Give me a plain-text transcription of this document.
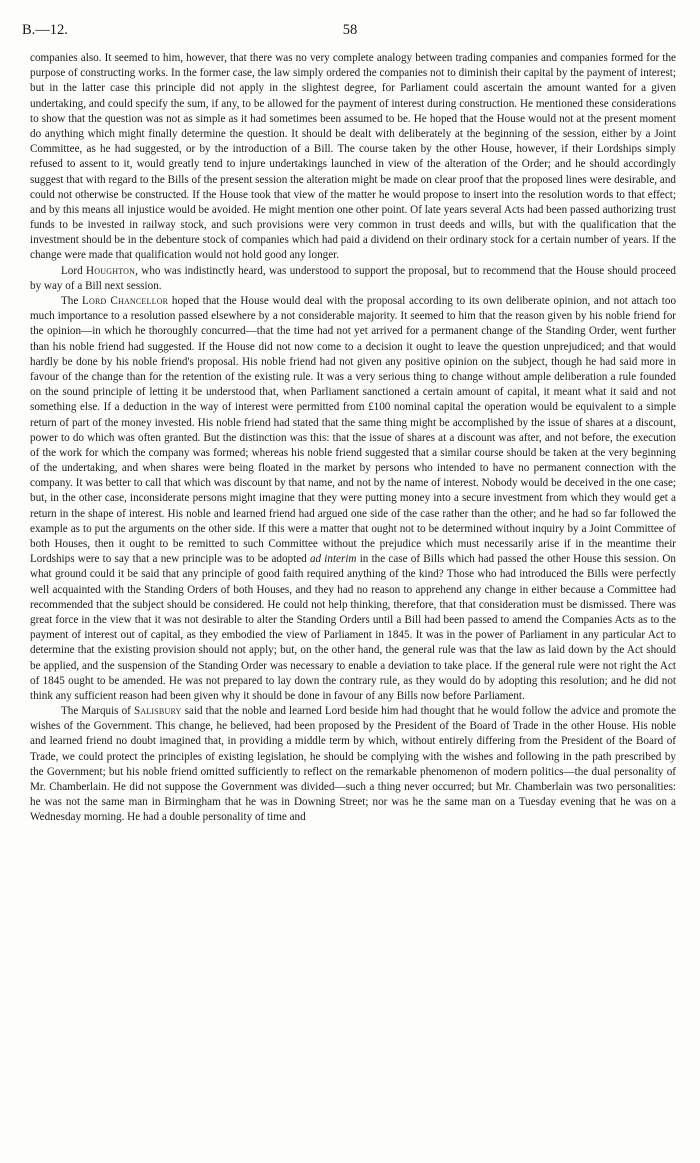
B.—12.	58

companies also. It seemed to him, however, that there was no very complete analogy between trading companies and companies formed for the purpose of constructing works. In the former case, the law simply ordered the companies not to diminish their capital by the payment of interest; but in the latter case this principle did not apply in the slightest degree, for Parliament could ascertain the amount wanted for a given undertaking, and could specify the sum, if any, to be allowed for the payment of interest during construction. He mentioned these considerations to show that the question was not as simple as it had sometimes been assumed to be. He hoped that the House would not at the present moment do anything which might finally determine the question. It should be dealt with deliberately at the beginning of the session, either by a Joint Committee, as he had suggested, or by the introduction of a Bill. The course taken by the other House, however, if their Lordships simply refused to assent to it, would greatly tend to injure undertakings launched in view of the alteration of the Order; and he should accordingly suggest that with regard to the Bills of the present session the alteration might be made on clear proof that the proposed lines were desirable, and could not otherwise be constructed. If the House took that view of the matter he would propose to insert into the resolution words to that effect; and by this means all injustice would be avoided. He might mention one other point. Of late years several Acts had been passed authorizing trust funds to be invested in railway stock, and such provisions were very common in trust deeds and wills, but with the qualification that the investment should be in the debenture stock of companies which had paid a dividend on their ordinary stock for a certain number of years. If the change were made that qualification would not hold good any longer.

Lord Houghton, who was indistinctly heard, was understood to support the proposal, but to recommend that the House should proceed by way of a Bill next session.

The Lord Chancellor hoped that the House would deal with the proposal according to its own deliberate opinion, and not attach too much importance to a resolution passed elsewhere by a not considerable majority. It seemed to him that the reason given by his noble friend for the opinion—in which he thoroughly concurred—that the time had not yet arrived for a permanent change of the Standing Order, went further than his noble friend had suggested. If the House did not now come to a decision it ought to leave the question unprejudiced; and that would hardly be done by his noble friend's proposal. His noble friend had not given any positive opinion on the subject, though he had said more in favour of the change than for the retention of the existing rule. It was a very serious thing to change without ample deliberation a rule founded on the sound principle of letting it be understood that, when Parliament sanctioned a certain amount of capital, it meant what it said and not something else. If a deduction in the way of interest were permitted from £100 nominal capital the operation would be equivalent to a simple return of part of the money invested. His noble friend had stated that the same thing might be accomplished by the issue of shares at a discount, power to do which was often granted. But the distinction was this: that the issue of shares at a discount was after, and not before, the execution of the work for which the company was formed; whereas his noble friend suggested that a similar course should be taken at the very beginning of the undertaking, and when shares were being floated in the market by persons who intended to have no permanent connection with the company. It was better to call that which was discount by that name, and not by the name of interest. Nobody would be deceived in the one case; but, in the other case, inconsiderate persons might imagine that they were putting money into a secure investment from which they would get a return in the shape of interest. His noble and learned friend had argued one side of the case rather than the other; and he had so far followed the example as to put the arguments on the other side. If this were a matter that ought not to be determined without inquiry by a Joint Committee of both Houses, then it ought to be remitted to such Committee without the prejudice which must necessarily arise if in the meantime their Lordships were to say that a new principle was to be adopted ad interim in the case of Bills which had passed the other House this session. On what ground could it be said that any principle of good faith required anything of the kind? Those who had introduced the Bills were perfectly well acquainted with the Standing Orders of both Houses, and they had no reason to apprehend any change in either because a Committee had recommended that the subject should be considered. He could not help thinking, therefore, that that consideration must be dismissed. There was great force in the view that it was not desirable to alter the Standing Orders until a Bill had been passed to amend the Companies Acts as to the payment of interest out of capital, as they embodied the view of Parliament in 1845. It was in the power of Parliament in any particular Act to determine that the existing provision should not apply; but, on the other hand, the general rule was that the law as laid down by the Act should be applied, and the suspension of the Standing Order was necessary to enable a deviation to take place. If the general rule were not right the Act of 1845 ought to be amended. He was not prepared to lay down the contrary rule, as they would do by adopting this resolution; and he did not think any sufficient reason had been given why it should be done in favour of any Bills now before Parliament.

The Marquis of Salisbury said that the noble and learned Lord beside him had thought that he would follow the advice and promote the wishes of the Government. This change, he believed, had been proposed by the President of the Board of Trade in the other House. His noble and learned friend no doubt imagined that, in providing a middle term by which, without entirely differing from the President of the Board of Trade, we could protect the principles of existing legislation, he should be complying with the wishes and following in the path prescribed by the Government; but his noble friend omitted sufficiently to reflect on the remarkable phenomenon of modern politics—the dual personality of Mr. Chamberlain. He did not suppose the Government was divided—such a thing never occurred; but Mr. Chamberlain was two personalities: he was not the same man in Birmingham that he was in Downing Street; nor was he the same man on a Tuesday evening that he was on a Wednesday morning. He had a double personality of time and
